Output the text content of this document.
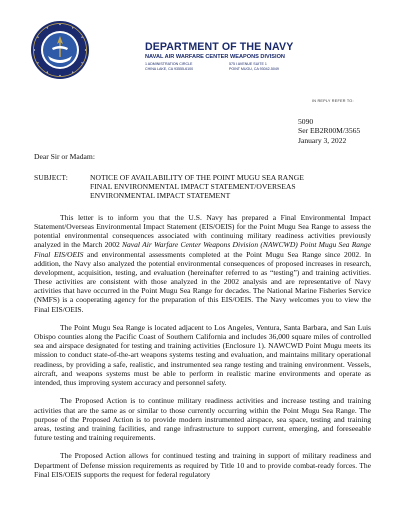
DEPARTMENT OF THE NAVY
NAVAL AIR WARFARE CENTER WEAPONS DIVISION
1 ADMINISTRATION CIRCLE
CHINA LAKE, CA 93555-6100
575 I AVENUE SUITE 1
POINT MUGU, CA 93042-5049
IN REPLY REFER TO:
5090
Ser EB2R00M/3565
January 3, 2022
Dear Sir or Madam:
SUBJECT:	NOTICE OF AVAILABILITY OF THE POINT MUGU SEA RANGE
FINAL ENVIRONMENTAL IMPACT STATEMENT/OVERSEAS
ENVIRONMENTAL IMPACT STATEMENT

This letter is to inform you that the U.S. Navy has prepared a Final Environmental Impact Statement/Overseas Environmental Impact Statement (EIS/OEIS) for the Point Mugu Sea Range to assess the potential environmental consequences associated with continuing military readiness activities previously analyzed in the March 2002 Naval Air Warfare Center Weapons Division (NAWCWD) Point Mugu Sea Range Final EIS/OEIS and environmental assessments completed at the Point Mugu Sea Range since 2002. In addition, the Navy also analyzed the potential environmental consequences of proposed increases in research, development, acquisition, testing, and evaluation (hereinafter referred to as “testing”) and training activities. These activities are consistent with those analyzed in the 2002 analysis and are representative of Navy activities that have occurred in the Point Mugu Sea Range for decades. The National Marine Fisheries Service (NMFS) is a cooperating agency for the preparation of this EIS/OEIS. The Navy welcomes you to view the Final EIS/OEIS.

The Point Mugu Sea Range is located adjacent to Los Angeles, Ventura, Santa Barbara, and San Luis Obispo counties along the Pacific Coast of Southern California and includes 36,000 square miles of controlled sea and airspace designated for testing and training activities (Enclosure 1). NAWCWD Point Mugu meets its mission to conduct state-of-the-art weapons systems testing and evaluation, and maintains military operational readiness, by providing a safe, realistic, and instrumented sea range testing and training environment. Vessels, aircraft, and weapons systems must be able to perform in realistic marine environments and operate as intended, thus improving system accuracy and personnel safety.

The Proposed Action is to continue military readiness activities and increase testing and training activities that are the same as or similar to those currently occurring within the Point Mugu Sea Range. The purpose of the Proposed Action is to provide modern instrumented airspace, sea space, testing and training areas, testing and training facilities, and range infrastructure to support current, emerging, and foreseeable future testing and training requirements.

The Proposed Action allows for continued testing and training in support of military readiness and Department of Defense mission requirements as required by Title 10 and to provide combat-ready forces. The Final EIS/OEIS supports the request for federal regulatory
